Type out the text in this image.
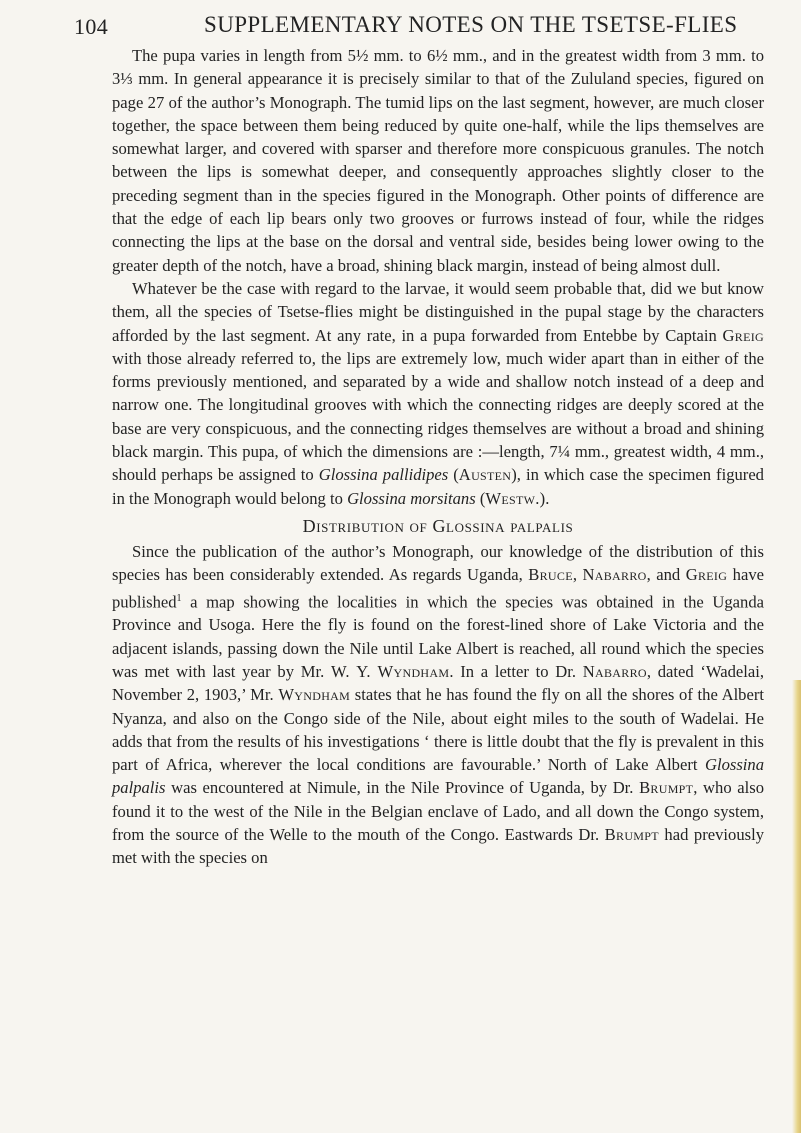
104	SUPPLEMENTARY NOTES ON THE TSETSE-FLIES

The pupa varies in length from 5½ mm. to 6½ mm., and in the greatest width from 3 mm. to 3⅓ mm. In general appearance it is precisely similar to that of the Zululand species, figured on page 27 of the author’s Monograph. The tumid lips on the last segment, however, are much closer together, the space between them being reduced by quite one-half, while the lips themselves are somewhat larger, and covered with sparser and therefore more conspicuous granules. The notch between the lips is somewhat deeper, and consequently approaches slightly closer to the preceding segment than in the species figured in the Monograph. Other points of difference are that the edge of each lip bears only two grooves or furrows instead of four, while the ridges connecting the lips at the base on the dorsal and ventral side, besides being lower owing to the greater depth of the notch, have a broad, shining black margin, instead of being almost dull.

Whatever be the case with regard to the larvae, it would seem probable that, did we but know them, all the species of Tsetse-flies might be distinguished in the pupal stage by the characters afforded by the last segment. At any rate, in a pupa forwarded from Entebbe by Captain Greig with those already referred to, the lips are extremely low, much wider apart than in either of the forms previously mentioned, and separated by a wide and shallow notch instead of a deep and narrow one. The longitudinal grooves with which the connecting ridges are deeply scored at the base are very conspicuous, and the connecting ridges themselves are without a broad and shining black margin. This pupa, of which the dimensions are :—length, 7¼ mm., greatest width, 4 mm., should perhaps be assigned to Glossina pallidipes (Austen), in which case the specimen figured in the Monograph would belong to Glossina morsitans (Westw.).

Distribution of Glossina palpalis

Since the publication of the author’s Monograph, our knowledge of the distribution of this species has been considerably extended. As regards Uganda, Bruce, Nabarro, and Greig have published$^1$ a map showing the localities in which the species was obtained in the Uganda Province and Usoga. Here the fly is found on the forest-lined shore of Lake Victoria and the adjacent islands, passing down the Nile until Lake Albert is reached, all round which the species was met with last year by Mr. W. Y. Wyndham. In a letter to Dr. Nabarro, dated ‘Wadelai, November 2, 1903,’ Mr. Wyndham states that he has found the fly on all the shores of the Albert Nyanza, and also on the Congo side of the Nile, about eight miles to the south of Wadelai. He adds that from the results of his investigations ‘ there is little doubt that the fly is prevalent in this part of Africa, wherever the local conditions are favourable.’ North of Lake Albert Glossina palpalis was encountered at Nimule, in the Nile Province of Uganda, by Dr. Brumpt, who also found it to the west of the Nile in the Belgian enclave of Lado, and all down the Congo system, from the source of the Welle to the mouth of the Congo. Eastwards Dr. Brumpt had previously met with the species on
